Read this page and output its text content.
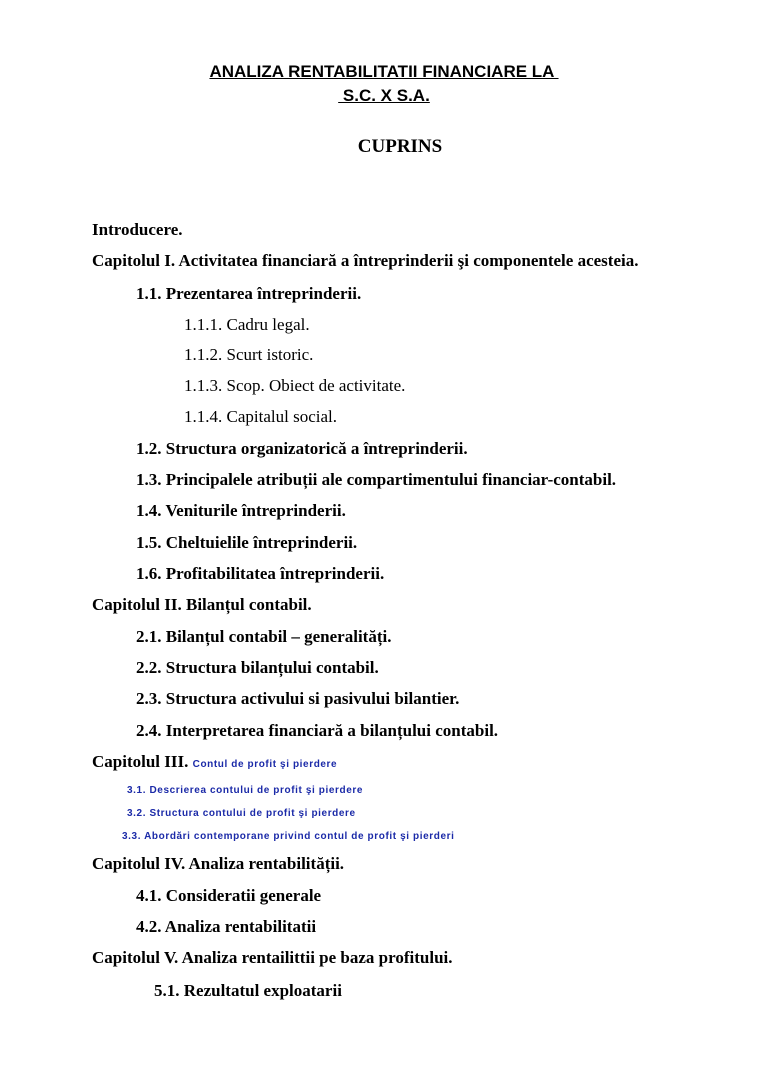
ANALIZA RENTABILITATII FINANCIARE LA
S.C. X S.A.
CUPRINS
Introducere.
Capitolul I. Activitatea financiară a întreprinderii şi componentele acesteia.
1.1. Prezentarea întreprinderii.
1.1.1. Cadru legal.
1.1.2. Scurt istoric.
1.1.3. Scop. Obiect de activitate.
1.1.4. Capitalul social.
1.2. Structura organizatorică a întreprinderii.
1.3. Principalele atribuții ale compartimentului financiar-contabil.
1.4. Veniturile întreprinderii.
1.5. Cheltuielile întreprinderii.
1.6. Profitabilitatea întreprinderii.
Capitolul II. Bilanțul contabil.
2.1. Bilanțul contabil – generalități.
2.2. Structura bilanțului contabil.
2.3. Structura activului si pasivului bilantier.
2.4. Interpretarea financiară a bilanțului contabil.
Capitolul III. Contul de profit şi pierdere
3.1. Descrierea contului de profit şi pierdere
3.2. Structura contului de profit şi pierdere
3.3. Abordări contemporane privind contul de profit şi pierderi
Capitolul IV. Analiza rentabilității.
4.1. Consideratii generale
4.2. Analiza rentabilitatii
Capitolul V. Analiza rentailittii pe baza profitului.
5.1. Rezultatul exploatarii
